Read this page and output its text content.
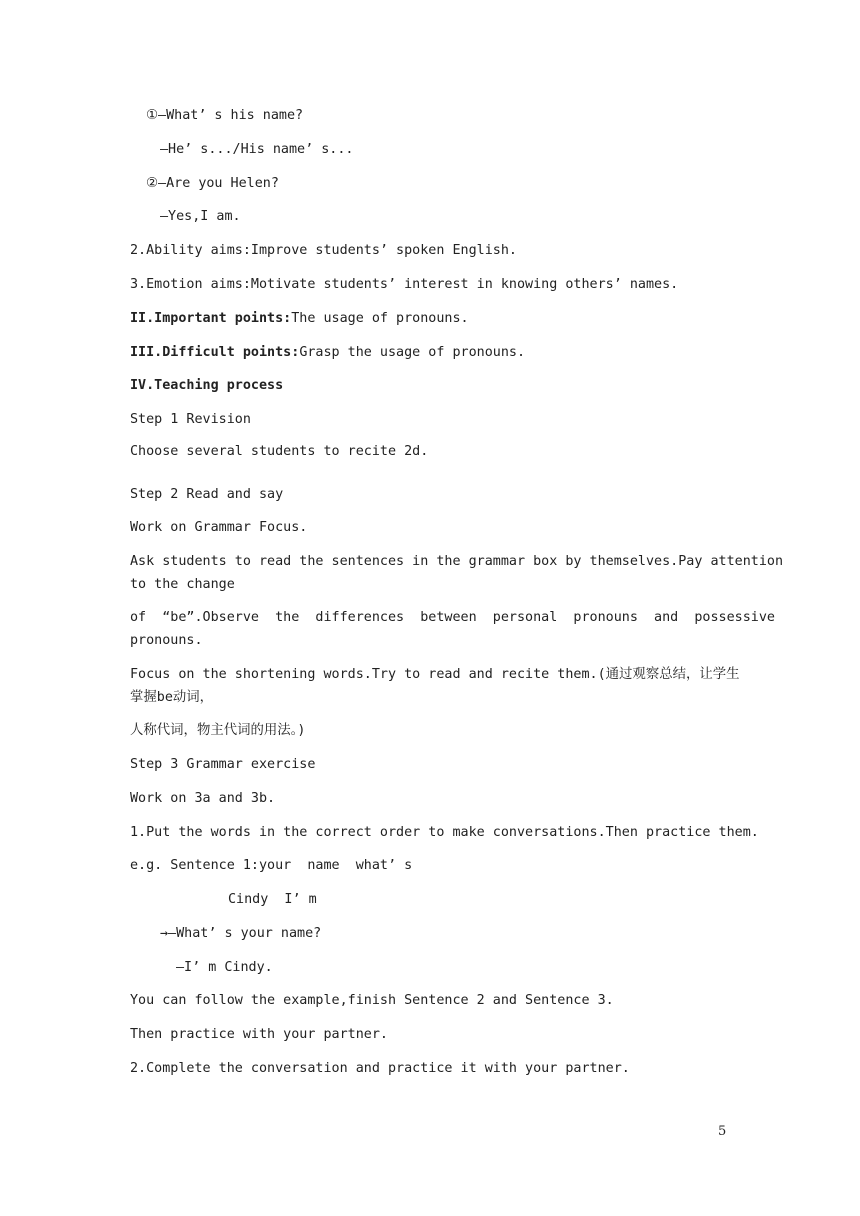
①—What’ s his name?
—He’ s.../His name’ s...
②—Are you Helen?
—Yes,I am.
2.Ability aims:Improve students’ spoken English.
3.Emotion aims:Motivate students’ interest in knowing others’ names.
II.Important points:The usage of pronouns.
III.Difficult points:Grasp the usage of pronouns.
IV.Teaching process
Step 1 Revision
Choose several students to recite 2d.
Step 2 Read and say
Work on Grammar Focus.
Ask students to read the sentences in the grammar box by themselves.Pay attention
to the change
of  “be”.Observe  the  differences  between  personal  pronouns  and  possessive
pronouns.
Focus on the shortening words.Try to read and recite them.(通过观察总结，让学生
掌握be动词，
人称代词，物主代词的用法。)
Step 3 Grammar exercise
Work on 3a and 3b.
1.Put the words in the correct order to make conversations.Then practice them.
e.g. Sentence 1:your  name  what’ s
Cindy  I’ m
→—What’ s your name?
—I’ m Cindy.
You can follow the example,finish Sentence 2 and Sentence 3.
Then practice with your partner.
2.Complete the conversation and practice it with your partner.
5
